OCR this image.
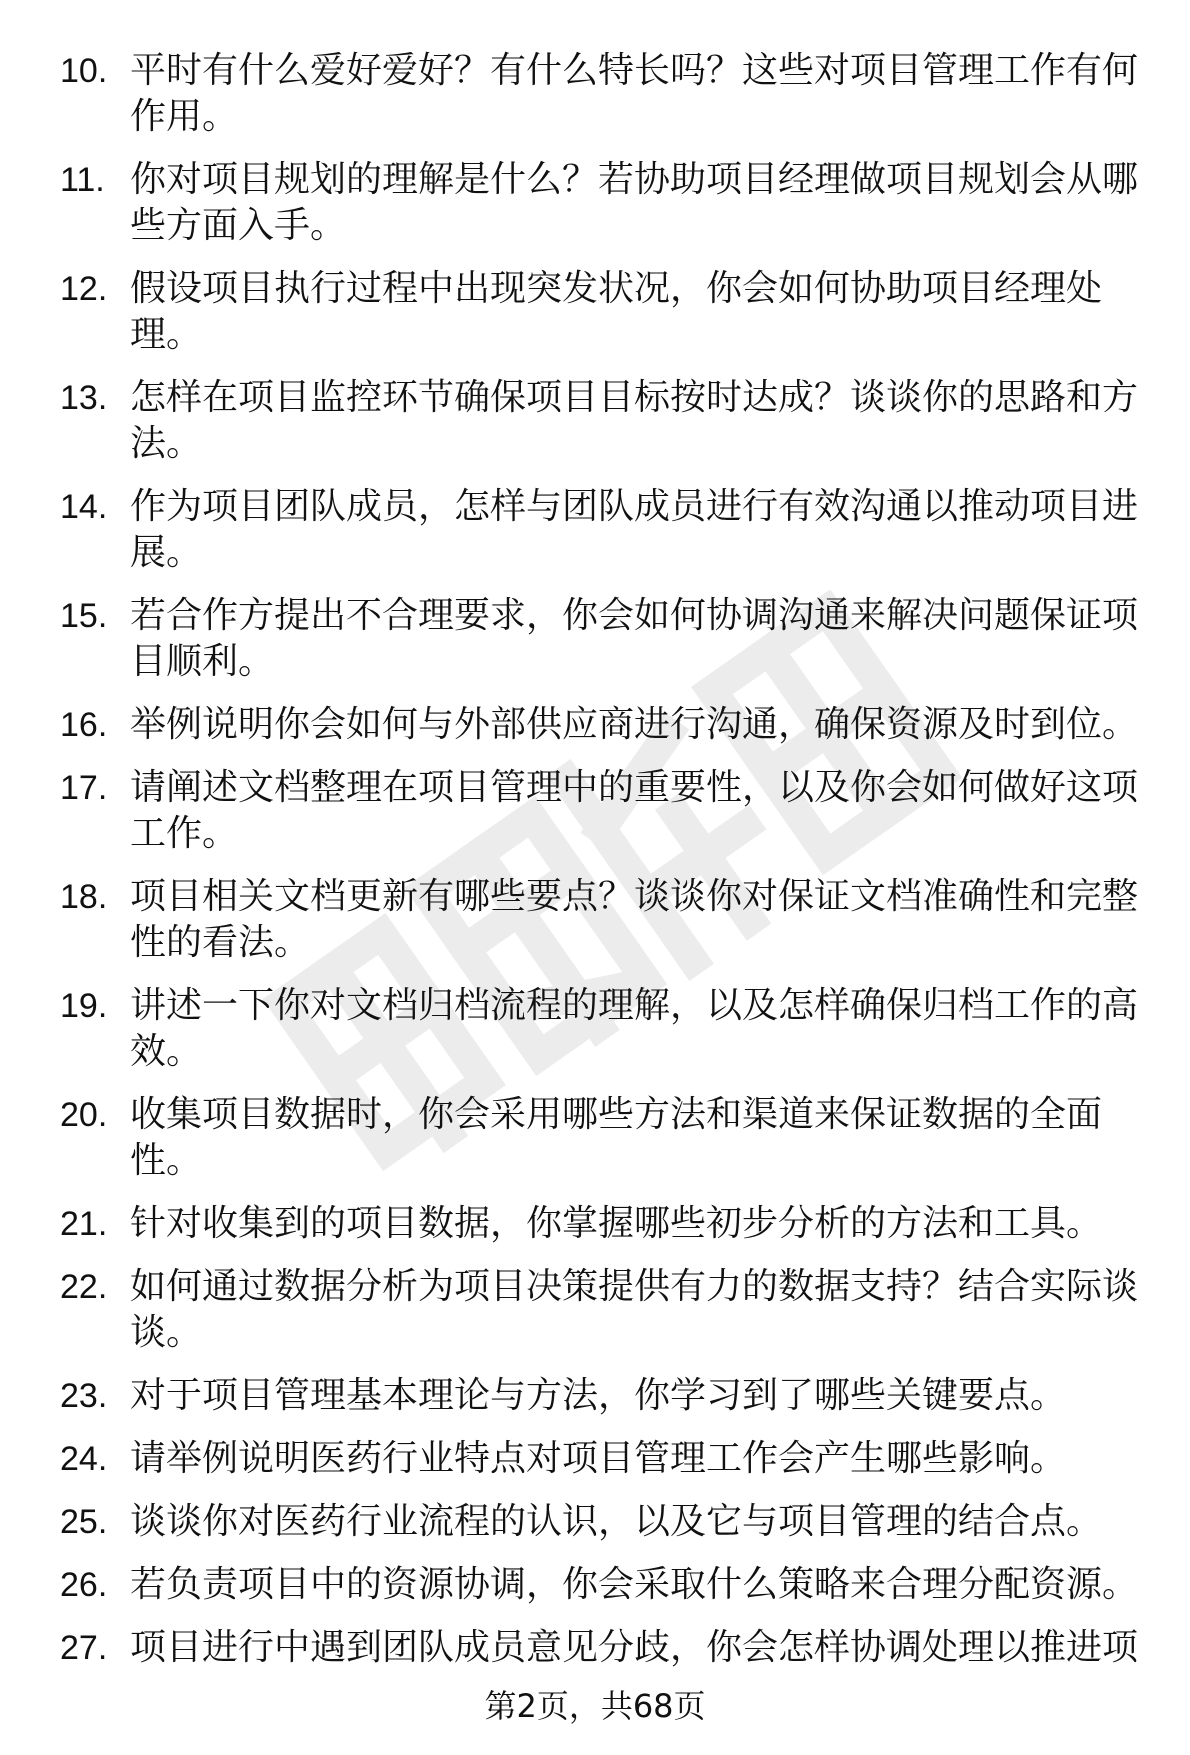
10. 平时有什么爱好爱好？有什么特长吗？这些对项目管理工作有何作用。
11. 你对项目规划的理解是什么？若协助项目经理做项目规划会从哪些方面入手。
12. 假设项目执行过程中出现突发状况，你会如何协助项目经理处理。
13. 怎样在项目监控环节确保项目目标按时达成？谈谈你的思路和方法。
14. 作为项目团队成员，怎样与团队成员进行有效沟通以推动项目进展。
15. 若合作方提出不合理要求，你会如何协调沟通来解决问题保证项目顺利。
16. 举例说明你会如何与外部供应商进行沟通，确保资源及时到位。
17. 请阐述文档整理在项目管理中的重要性，以及你会如何做好这项工作。
18. 项目相关文档更新有哪些要点？谈谈你对保证文档准确性和完整性的看法。
19. 讲述一下你对文档归档流程的理解，以及怎样确保归档工作的高效。
20. 收集项目数据时，你会采用哪些方法和渠道来保证数据的全面性。
21. 针对收集到的项目数据，你掌握哪些初步分析的方法和工具。
22. 如何通过数据分析为项目决策提供有力的数据支持？结合实际谈谈。
23. 对于项目管理基本理论与方法，你学习到了哪些关键要点。
24. 请举例说明医药行业特点对项目管理工作会产生哪些影响。
25. 谈谈你对医药行业流程的认识，以及它与项目管理的结合点。
26. 若负责项目中的资源协调，你会采取什么策略来合理分配资源。
27. 项目进行中遇到团队成员意见分歧，你会怎样协调处理以推进项
第2页，共68页
